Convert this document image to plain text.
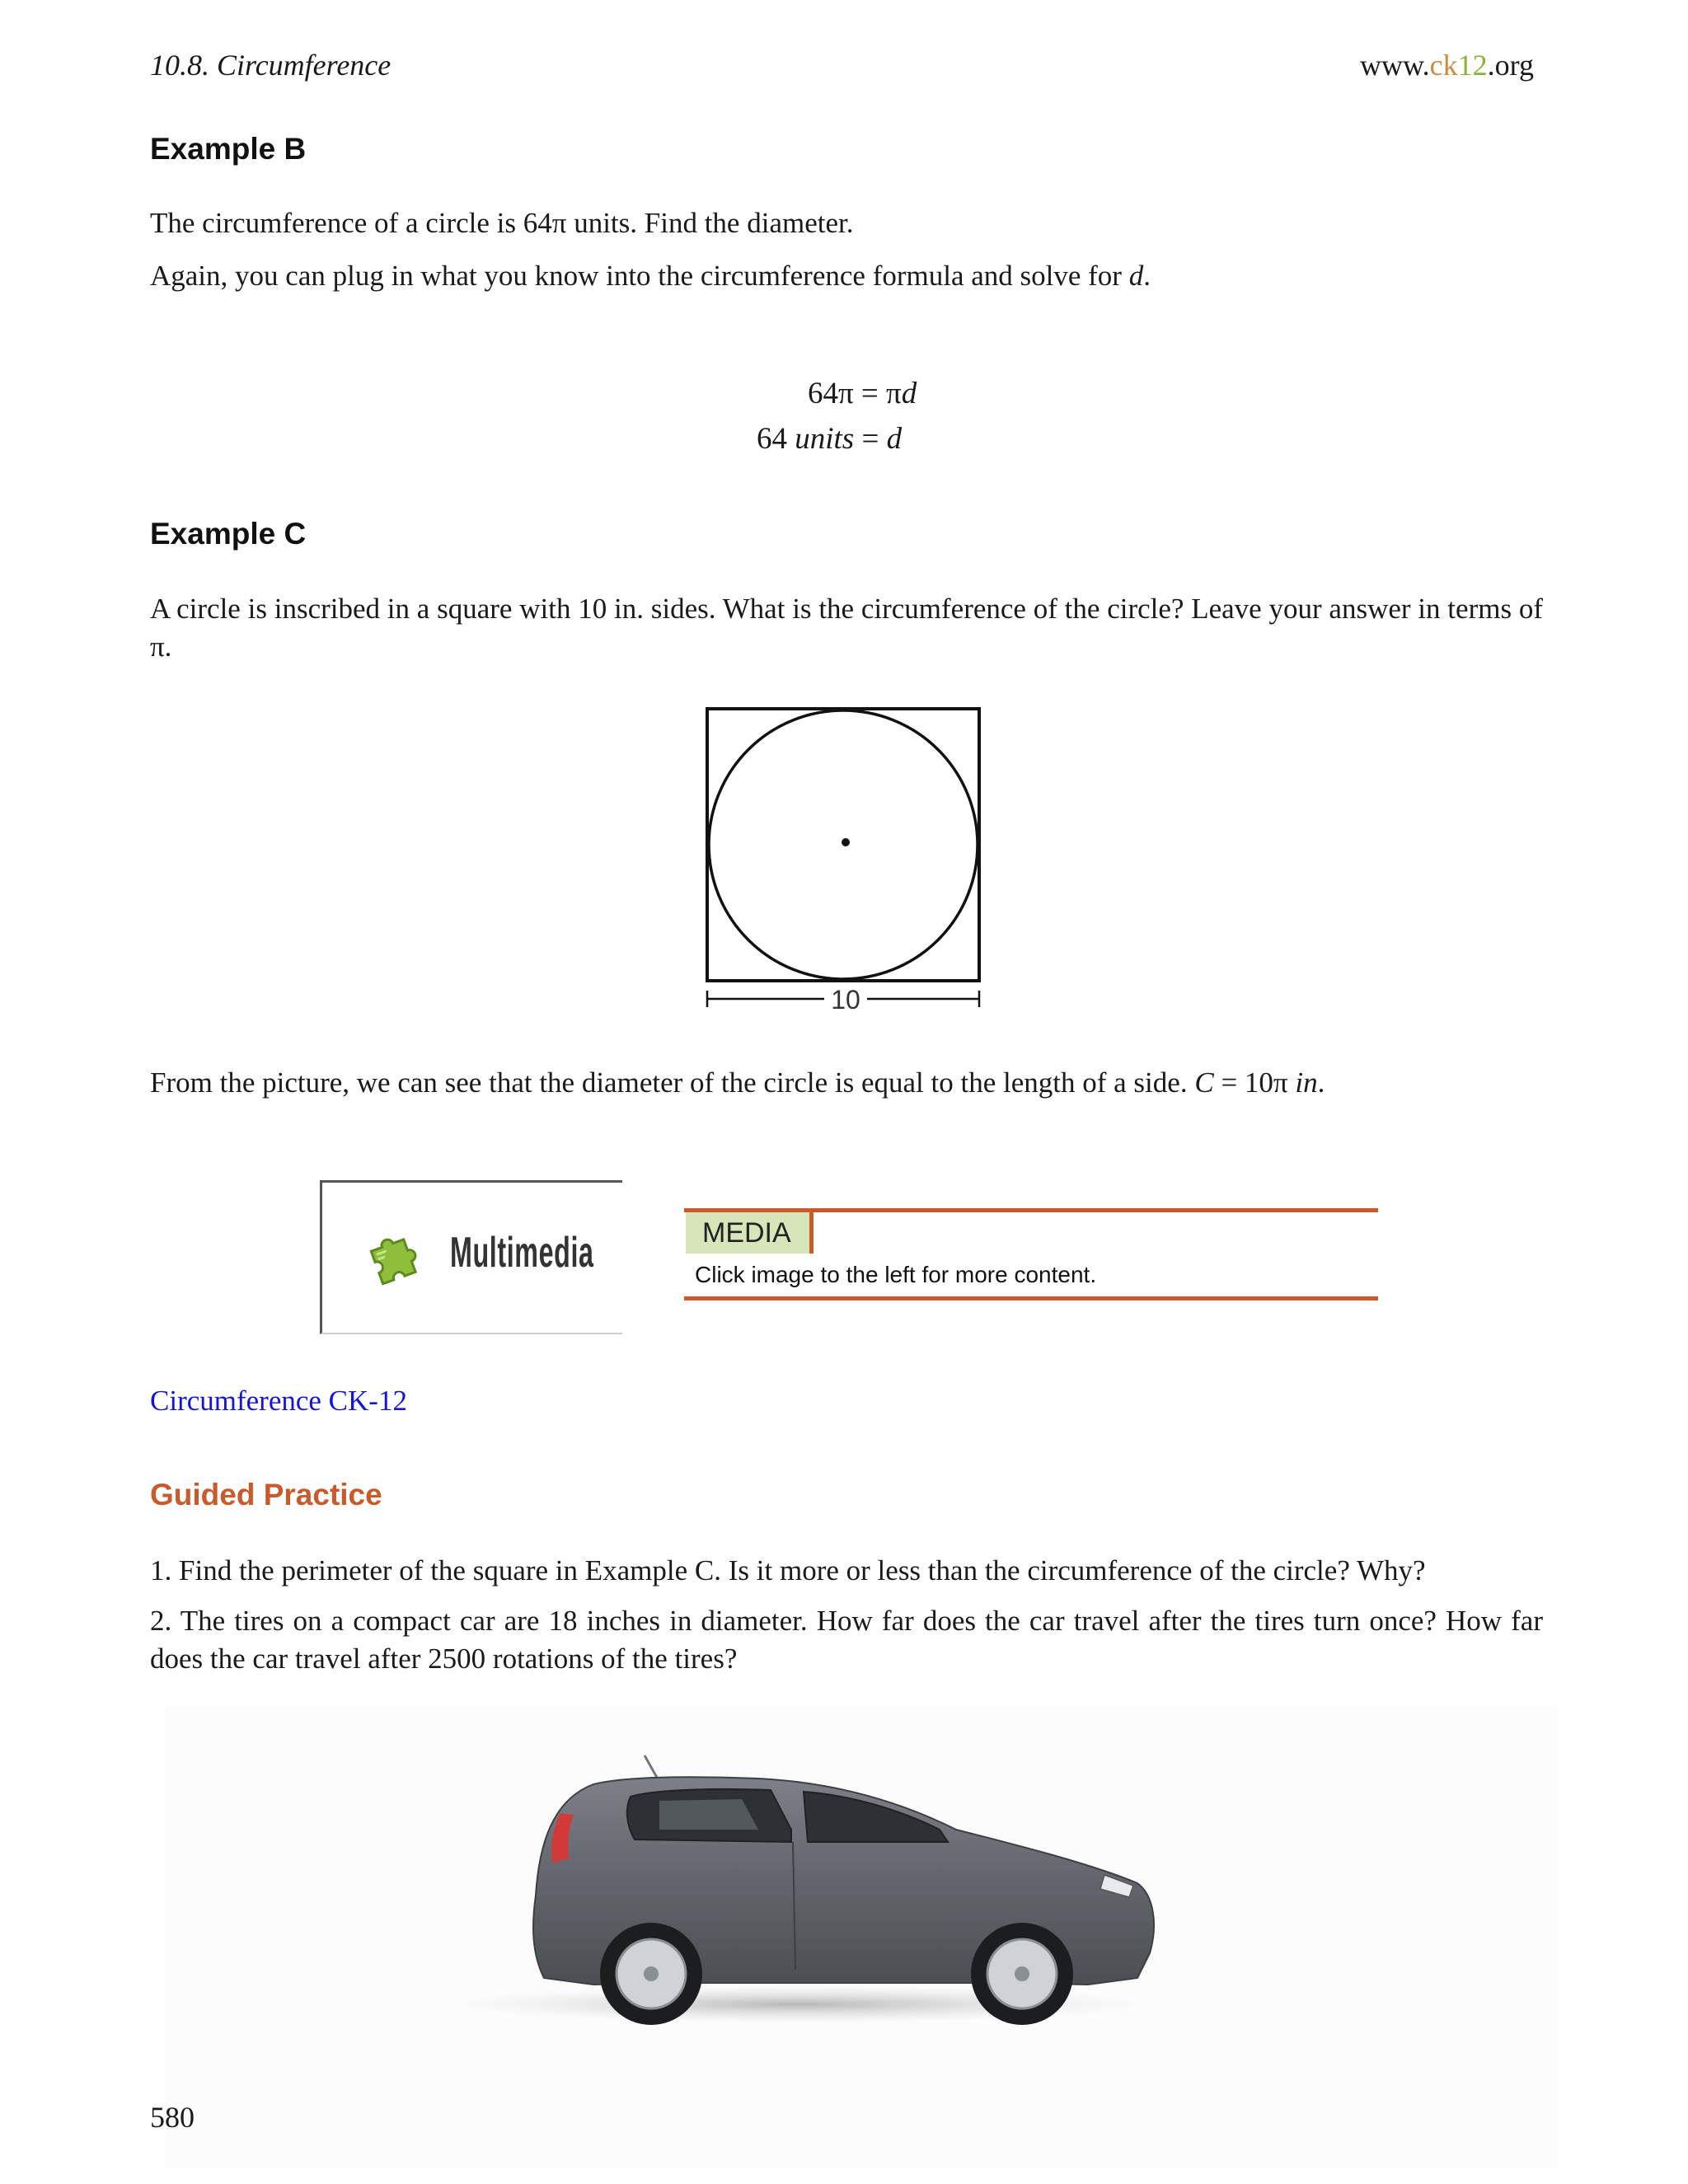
10.8. Circumference	www.ck12.org
Example B
The circumference of a circle is 64π units. Find the diameter.
Again, you can plug in what you know into the circumference formula and solve for d.
64π = πd
64 units = d
Example C
A circle is inscribed in a square with 10 in. sides. What is the circumference of the circle? Leave your answer in terms of π.
10
From the picture, we can see that the diameter of the circle is equal to the length of a side. C = 10π in.
Multimedia	MEDIA
Click image to the left for more content.
Circumference CK-12
Guided Practice
1. Find the perimeter of the square in Example C. Is it more or less than the circumference of the circle? Why?
2. The tires on a compact car are 18 inches in diameter. How far does the car travel after the tires turn once? How far does the car travel after 2500 rotations of the tires?
580
